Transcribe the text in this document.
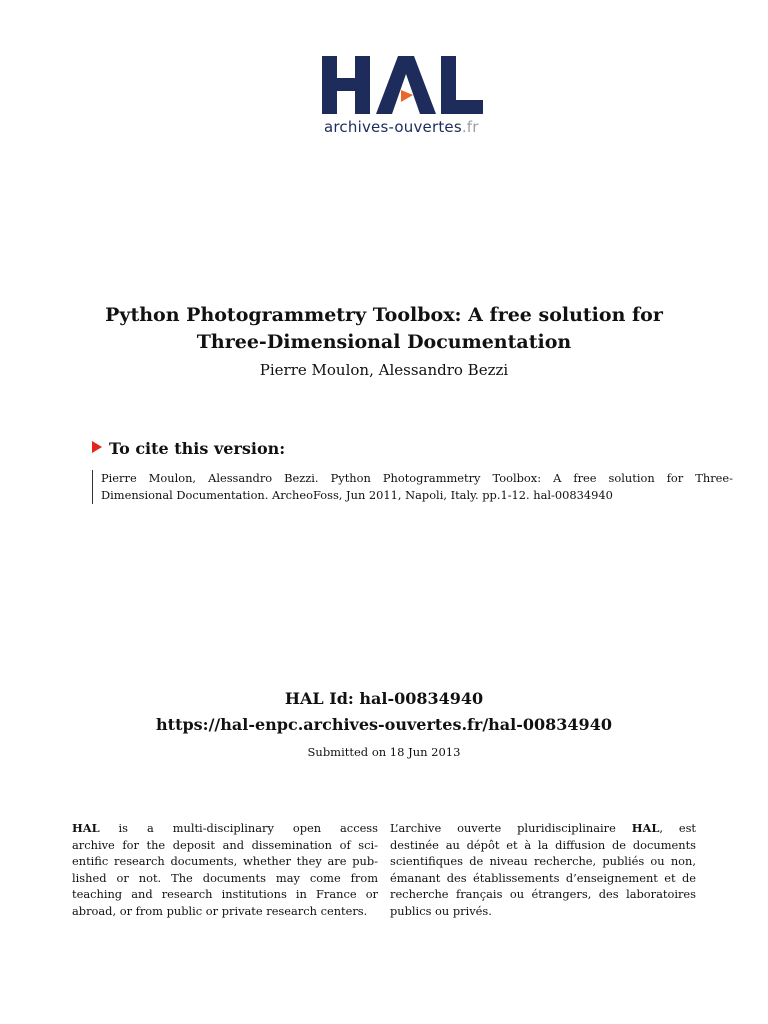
archives-ouvertes.fr
Python Photogrammetry Toolbox: A free solution for
Three-Dimensional Documentation
Pierre Moulon, Alessandro Bezzi
To cite this version:
Pierre Moulon, Alessandro Bezzi. Python Photogrammetry Toolbox: A free solution for Three-
Dimensional Documentation. ArcheoFoss, Jun 2011, Napoli, Italy. pp.1-12. hal-00834940
HAL Id: hal-00834940
https://hal-enpc.archives-ouvertes.fr/hal-00834940
Submitted on 18 Jun 2013
HAL is a multi-disciplinary open access
archive for the deposit and dissemination of sci-
entific research documents, whether they are pub-
lished or not. The documents may come from
teaching and research institutions in France or
abroad, or from public or private research centers.
L’archive ouverte pluridisciplinaire HAL, est
destinée au dépôt et à la diffusion de documents
scientifiques de niveau recherche, publiés ou non,
émanant des établissements d’enseignement et de
recherche français ou étrangers, des laboratoires
publics ou privés.
